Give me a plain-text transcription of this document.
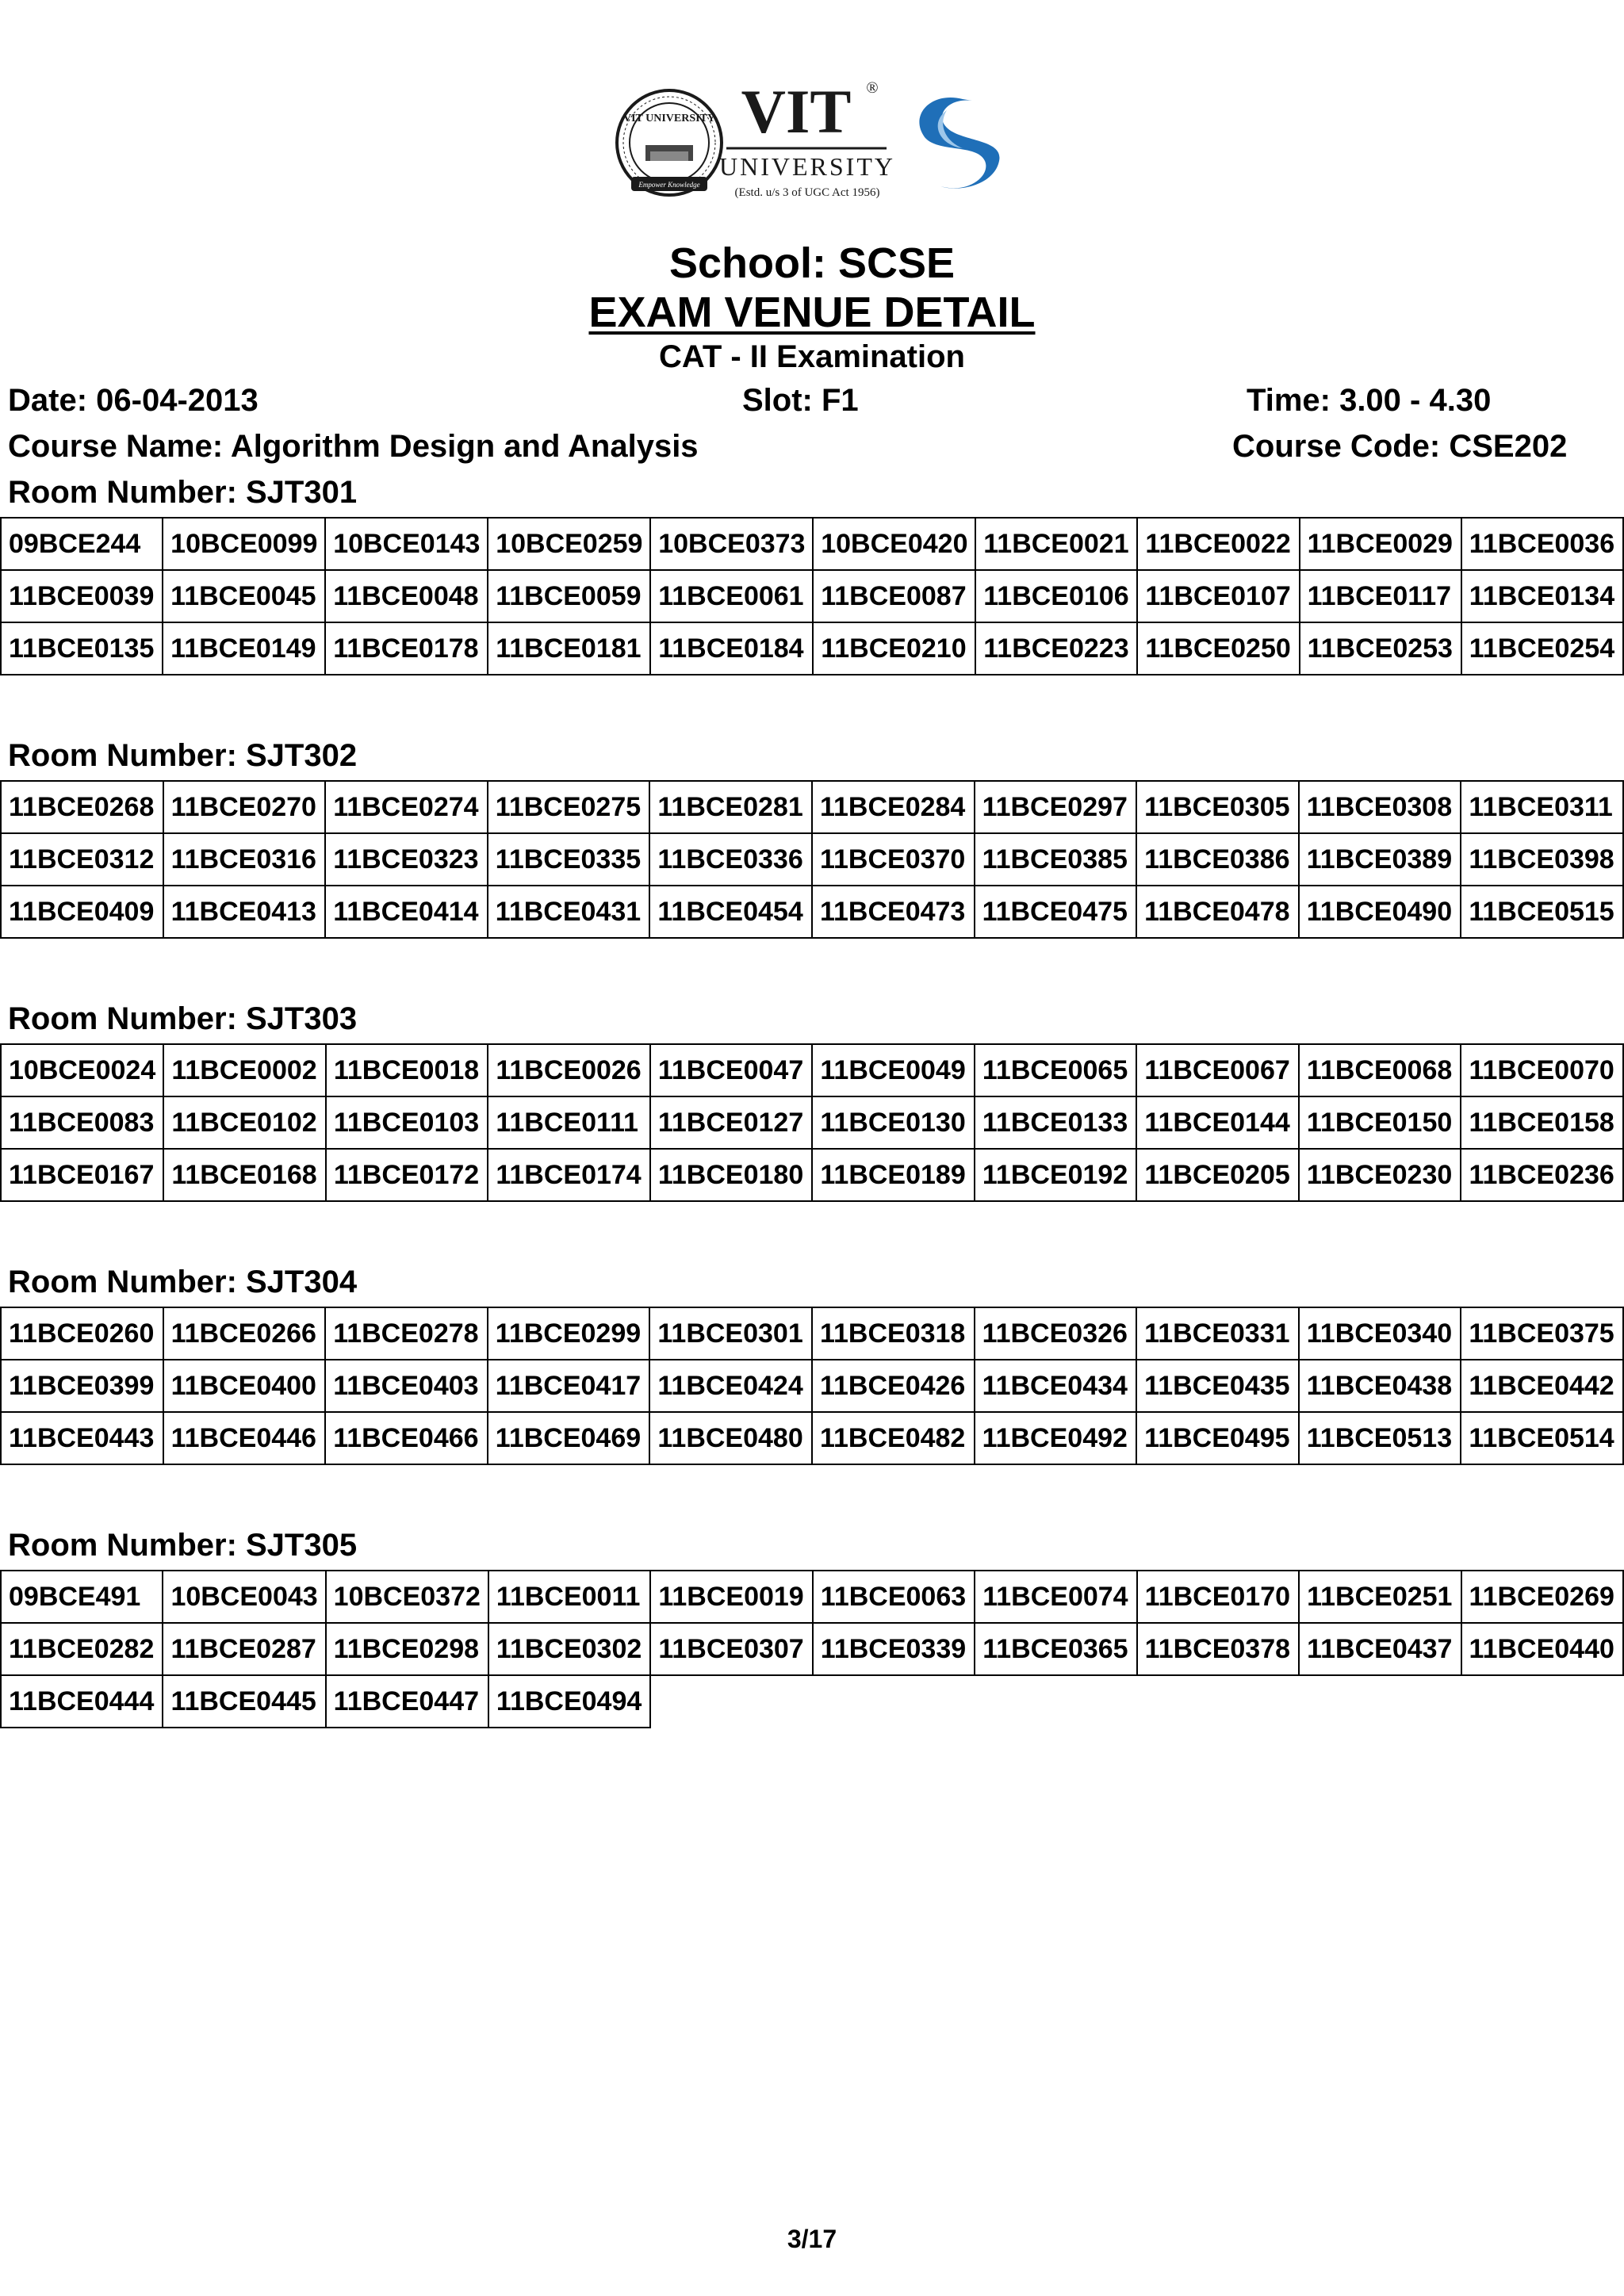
VIT UNIVERSITY
Empower Knowledge
VIT ®
UNIVERSITY
(Estd. u/s 3 of UGC Act 1956)
School: SCSE
EXAM VENUE DETAIL
CAT - II Examination
Date: 06-04-2013	Slot: F1	Time: 3.00 - 4.30
Course Name: Algorithm Design and Analysis	Course Code: CSE202
Room Number: SJT301
09BCE244	10BCE0099	10BCE0143	10BCE0259	10BCE0373	10BCE0420	11BCE0021	11BCE0022	11BCE0029	11BCE0036
11BCE0039	11BCE0045	11BCE0048	11BCE0059	11BCE0061	11BCE0087	11BCE0106	11BCE0107	11BCE0117	11BCE0134
11BCE0135	11BCE0149	11BCE0178	11BCE0181	11BCE0184	11BCE0210	11BCE0223	11BCE0250	11BCE0253	11BCE0254
Room Number: SJT302
11BCE0268	11BCE0270	11BCE0274	11BCE0275	11BCE0281	11BCE0284	11BCE0297	11BCE0305	11BCE0308	11BCE0311
11BCE0312	11BCE0316	11BCE0323	11BCE0335	11BCE0336	11BCE0370	11BCE0385	11BCE0386	11BCE0389	11BCE0398
11BCE0409	11BCE0413	11BCE0414	11BCE0431	11BCE0454	11BCE0473	11BCE0475	11BCE0478	11BCE0490	11BCE0515
Room Number: SJT303
10BCE0024	11BCE0002	11BCE0018	11BCE0026	11BCE0047	11BCE0049	11BCE0065	11BCE0067	11BCE0068	11BCE0070
11BCE0083	11BCE0102	11BCE0103	11BCE0111	11BCE0127	11BCE0130	11BCE0133	11BCE0144	11BCE0150	11BCE0158
11BCE0167	11BCE0168	11BCE0172	11BCE0174	11BCE0180	11BCE0189	11BCE0192	11BCE0205	11BCE0230	11BCE0236
Room Number: SJT304
11BCE0260	11BCE0266	11BCE0278	11BCE0299	11BCE0301	11BCE0318	11BCE0326	11BCE0331	11BCE0340	11BCE0375
11BCE0399	11BCE0400	11BCE0403	11BCE0417	11BCE0424	11BCE0426	11BCE0434	11BCE0435	11BCE0438	11BCE0442
11BCE0443	11BCE0446	11BCE0466	11BCE0469	11BCE0480	11BCE0482	11BCE0492	11BCE0495	11BCE0513	11BCE0514
Room Number: SJT305
09BCE491	10BCE0043	10BCE0372	11BCE0011	11BCE0019	11BCE0063	11BCE0074	11BCE0170	11BCE0251	11BCE0269
11BCE0282	11BCE0287	11BCE0298	11BCE0302	11BCE0307	11BCE0339	11BCE0365	11BCE0378	11BCE0437	11BCE0440
11BCE0444	11BCE0445	11BCE0447	11BCE0494						
3/17
